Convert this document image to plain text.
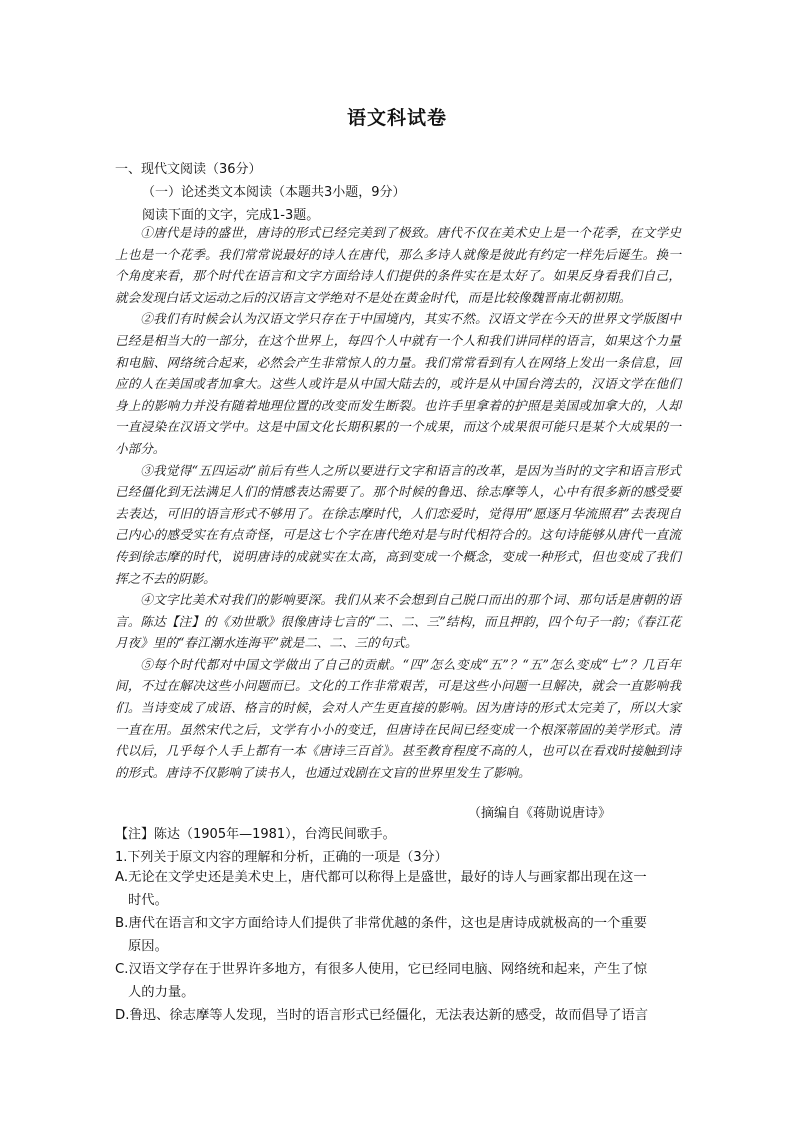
语文科试卷
一、现代文阅读（36分）
（一）论述类文本阅读（本题共3小题，9分）
阅读下面的文字，完成1-3题。

①唐代是诗的盛世，唐诗的形式已经完美到了极致。唐代不仅在美术史上是一个花季，在文学史上也是一个花季。我们常常说最好的诗人在唐代，那么多诗人就像是彼此有约定一样先后诞生。换一个角度来看，那个时代在语言和文字方面给诗人们提供的条件实在是太好了。如果反身看我们自己，就会发现白话文运动之后的汉语言文学绝对不是处在黄金时代，而是比较像魏晋南北朝初期。

②我们有时候会认为汉语文学只存在于中国境内，其实不然。汉语文学在今天的世界文学版图中已经是相当大的一部分，在这个世界上，每四个人中就有一个人和我们讲同样的语言，如果这个力量和电脑、网络统合起来，必然会产生非常惊人的力量。我们常常看到有人在网络上发出一条信息，回应的人在美国或者加拿大。这些人或许是从中国大陆去的，或许是从中国台湾去的，汉语文学在他们身上的影响力并没有随着地理位置的改变而发生断裂。也许手里拿着的护照是美国或加拿大的，人却一直浸染在汉语文学中。这是中国文化长期积累的一个成果，而这个成果很可能只是某个大成果的一小部分。

③我觉得“五四运动”前后有些人之所以要进行文字和语言的改革，是因为当时的文字和语言形式已经僵化到无法满足人们的情感表达需要了。那个时候的鲁迅、徐志摩等人，心中有很多新的感受要去表达，可旧的语言形式不够用了。在徐志摩时代，人们恋爱时，觉得用“愿逐月华流照君”去表现自己内心的感受实在有点奇怪，可是这七个字在唐代绝对是与时代相符合的。这句诗能够从唐代一直流传到徐志摩的时代，说明唐诗的成就实在太高，高到变成一个概念，变成一种形式，但也变成了我们挥之不去的阴影。

④文字比美术对我们的影响要深。我们从来不会想到自己脱口而出的那个词、那句话是唐朝的语言。陈达【注】的《劝世歌》很像唐诗七言的“二、二、三”结构，而且押韵，四个句子一韵；《春江花月夜》里的“春江潮水连海平”就是二、二、三的句式。

⑤每个时代都对中国文学做出了自己的贡献。“四”怎么变成“五”？“五”怎么变成“七”？几百年间，不过在解决这些小问题而已。文化的工作非常艰苦，可是这些小问题一旦解决，就会一直影响我们。当诗变成了成语、格言的时候，会对人产生更直接的影响。因为唐诗的形式太完美了，所以大家一直在用。虽然宋代之后，文学有小小的变迁，但唐诗在民间已经变成一个根深蒂固的美学形式。清代以后，几乎每个人手上都有一本《唐诗三百首》。甚至教育程度不高的人，也可以在看戏时接触到诗的形式。唐诗不仅影响了读书人，也通过戏剧在文盲的世界里发生了影响。

（摘编自《蒋勋说唐诗》
【注】陈达（1905年—1981），台湾民间歌手。
1.下列关于原文内容的理解和分析，正确的一项是（3分）
A.无论在文学史还是美术史上，唐代都可以称得上是盛世，最好的诗人与画家都出现在这一
时代。
B.唐代在语言和文字方面给诗人们提供了非常优越的条件，这也是唐诗成就极高的一个重要
原因。
C.汉语文学存在于世界许多地方，有很多人使用，它已经同电脑、网络统和起来，产生了惊
人的力量。
D.鲁迅、徐志摩等人发现，当时的语言形式已经僵化，无法表达新的感受，故而倡导了语言
